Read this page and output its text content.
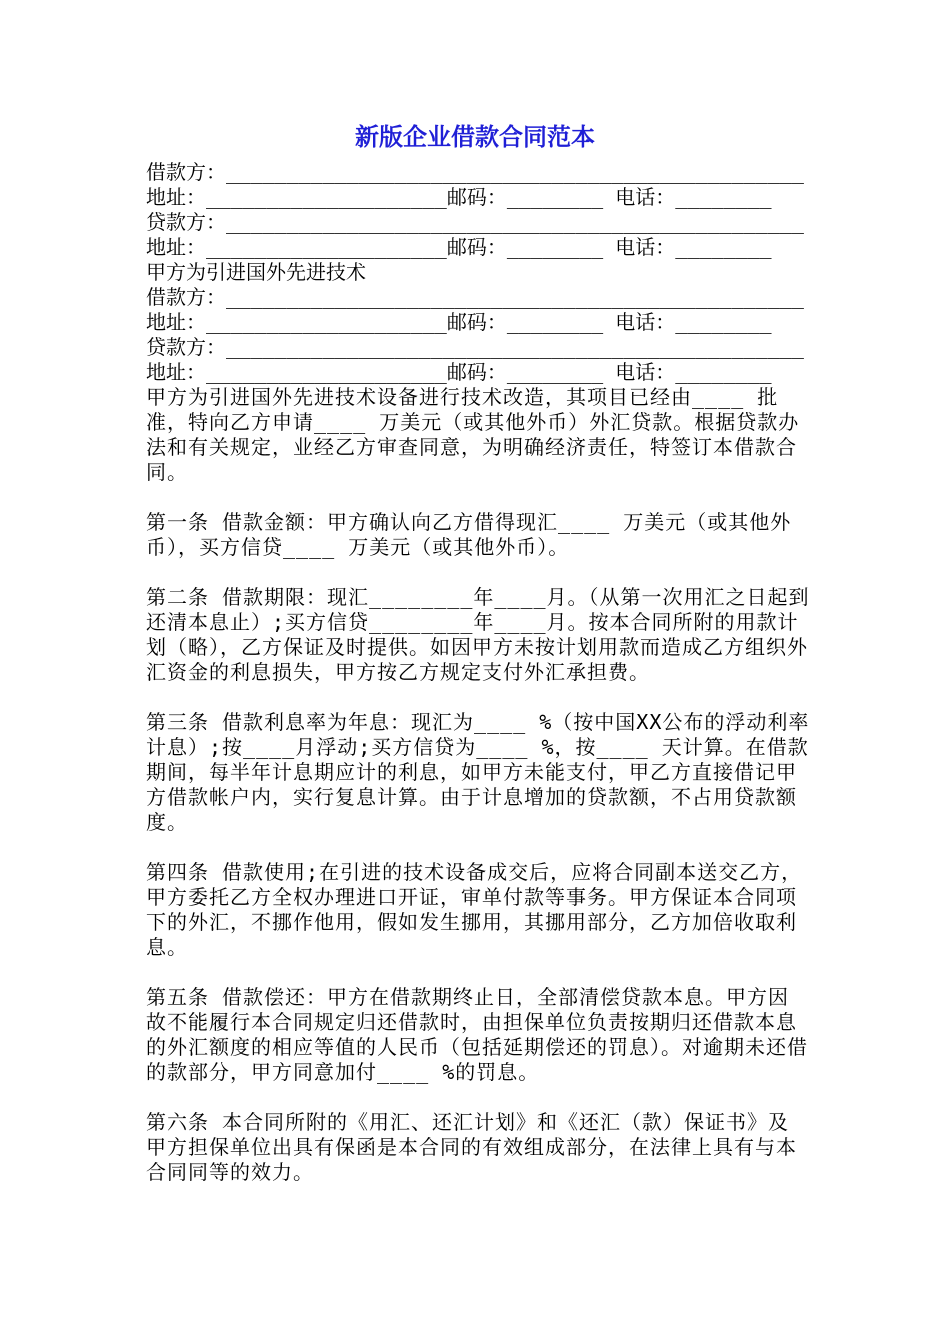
新版企业借款合同范本
借款方：________________________________________________
地址：____________________邮码：________ 电话：________
贷款方：________________________________________________
地址：____________________邮码：________ 电话：________
甲方为引进国外先进技术
借款方：________________________________________________
地址：____________________邮码：________ 电话：________
贷款方：________________________________________________
地址：____________________邮码：________ 电话：________
甲方为引进国外先进技术设备进行技术改造，其项目已经由____ 批准，特向乙方申请____ 万美元（或其他外币）外汇贷款。根据贷款办法和有关规定，业经乙方审查同意，为明确经济责任，特签订本借款合同。
第一条 借款金额：甲方确认向乙方借得现汇____ 万美元（或其他外币），买方信贷____ 万美元（或其他外币）。
第二条 借款期限：现汇________年____月。（从第一次用汇之日起到还清本息止）;买方信贷________年____月。按本合同所附的用款计划（略），乙方保证及时提供。如因甲方未按计划用款而造成乙方组织外汇资金的利息损失，甲方按乙方规定支付外汇承担费。
第三条 借款利息率为年息：现汇为____ %（按中国XX公布的浮动利率计息）;按____月浮动;买方信贷为____ %，按____ 天计算。在借款期间，每半年计息期应计的利息，如甲方未能支付，甲乙方直接借记甲方借款帐户内，实行复息计算。由于计息增加的贷款额，不占用贷款额度。
第四条 借款使用;在引进的技术设备成交后，应将合同副本送交乙方，甲方委托乙方全权办理进口开证，审单付款等事务。甲方保证本合同项下的外汇，不挪作他用，假如发生挪用，其挪用部分，乙方加倍收取利息。
第五条 借款偿还：甲方在借款期终止日，全部清偿贷款本息。甲方因故不能履行本合同规定归还借款时，由担保单位负责按期归还借款本息的外汇额度的相应等值的人民币（包括延期偿还的罚息）。对逾期未还借的款部分，甲方同意加付____ %的罚息。
第六条 本合同所附的《用汇、还汇计划》和《还汇（款）保证书》及甲方担保单位出具有保函是本合同的有效组成部分，在法律上具有与本合同同等的效力。
